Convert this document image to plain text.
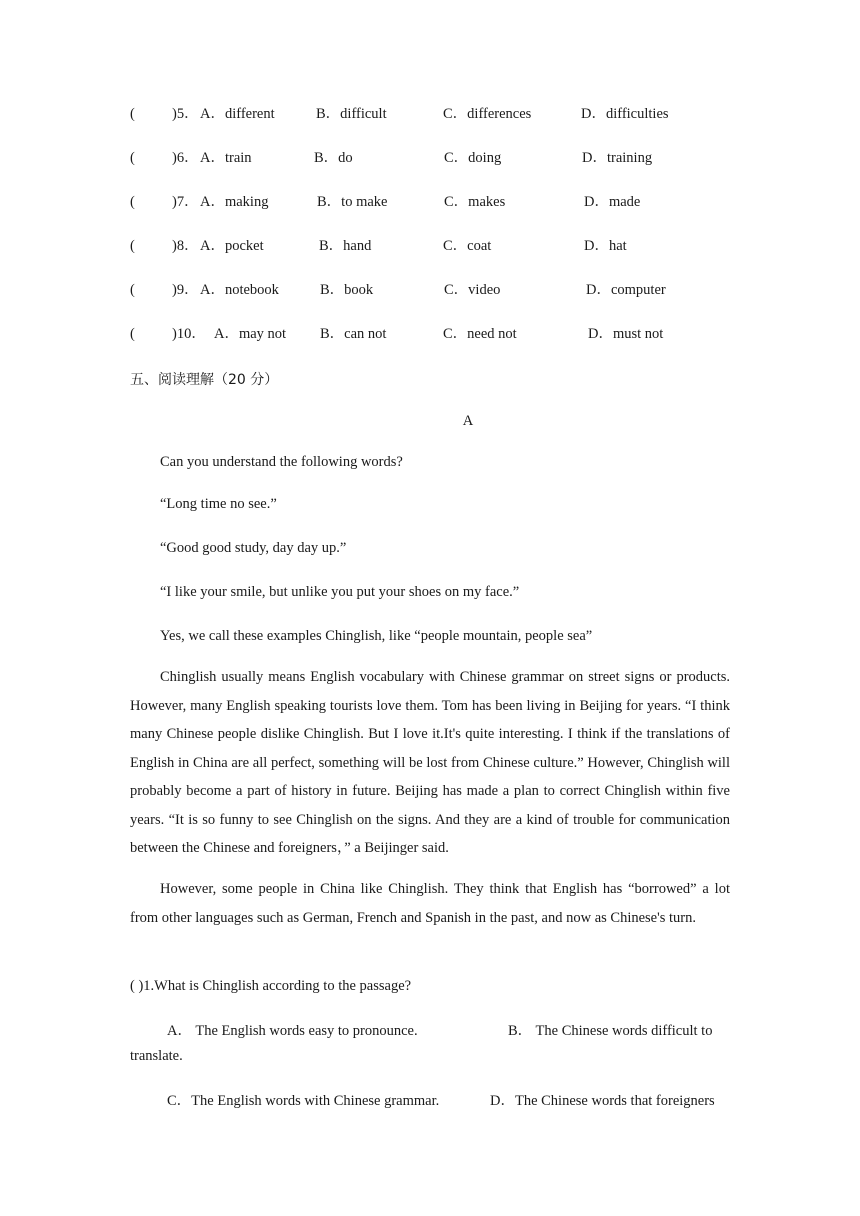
(	)5． A．different	B．difficult	C．differences	D．difficulties
(	)6． A．train	B．do	C．doing	D．training
(	)7． A．making	B．to make	C．makes	D．made
(	)8． A．pocket	B．hand	C．coat	D．hat
(	)9． A．notebook	B．book	C．video	D．computer
(	)10． A．may not B．can not	C．need not	D．must not
五、阅读理解（20 分）
A
Can you understand the following words?
“Long time no see.”
“Good good study, day day up.”
“I like your smile, but unlike you put your shoes on my face.”
Yes, we call these examples Chinglish, like “people mountain, people sea”

Chinglish usually means English vocabulary with Chinese grammar on street signs or products. However, many English speaking tourists love them. Tom has been living in Beijing for years. “I think many Chinese people dislike Chinglish. But I love it.It's quite interesting. I think if the translations of English in China are all perfect, something will be lost from Chinese culture.” However, Chinglish will probably become a part of history in future. Beijing has made a plan to correct Chinglish within five years. “It is so funny to see Chinglish on the signs. And they are a kind of trouble for communication between the Chinese and foreigners，” a Beijinger said.

However, some people in China like Chinglish. They think that English has “borrowed” a lot from other languages such as German, French and Spanish in the past, and now as Chinese's turn.

( )1.What is Chinglish according to the passage?
A． The English words easy to pronounce.	B． The Chinese words difficult to
translate.
C．The English words with Chinese grammar.	D．The Chinese words that foreigners
